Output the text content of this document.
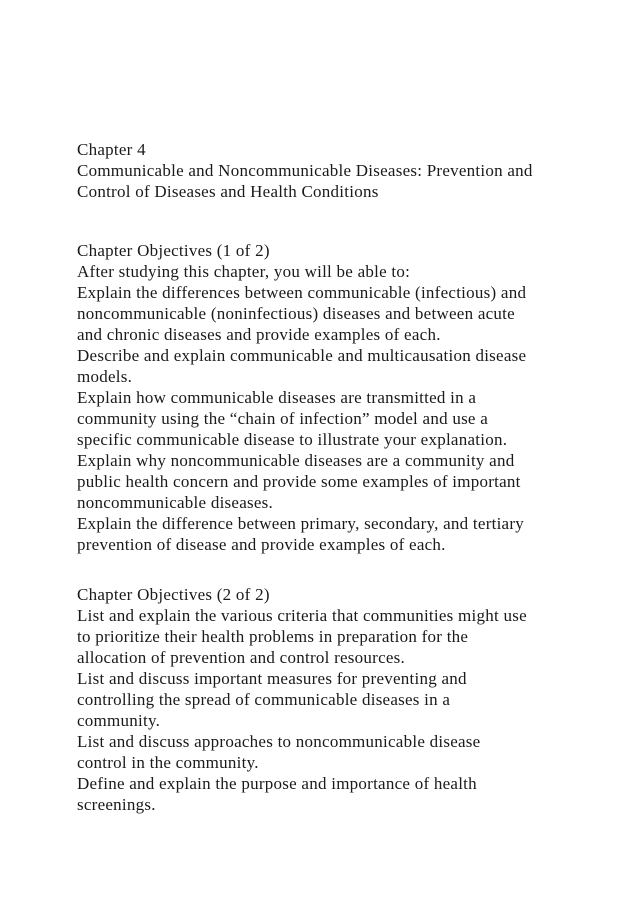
Chapter 4
Communicable and Noncommunicable Diseases: Prevention and
Control of Diseases and Health Conditions
Chapter Objectives (1 of 2)
After studying this chapter, you will be able to:
Explain the differences between communicable (infectious) and
noncommunicable (noninfectious) diseases and between acute
and chronic diseases and provide examples of each.
Describe and explain communicable and multicausation disease
models.
Explain how communicable diseases are transmitted in a
community using the “chain of infection” model and use a
specific communicable disease to illustrate your explanation.
Explain why noncommunicable diseases are a community and
public health concern and provide some examples of important
noncommunicable diseases.
Explain the difference between primary, secondary, and tertiary
prevention of disease and provide examples of each.
Chapter Objectives (2 of 2)
List and explain the various criteria that communities might use
to prioritize their health problems in preparation for the
allocation of prevention and control resources.
List and discuss important measures for preventing and
controlling the spread of communicable diseases in a
community.
List and discuss approaches to noncommunicable disease
control in the community.
Define and explain the purpose and importance of health
screenings.
